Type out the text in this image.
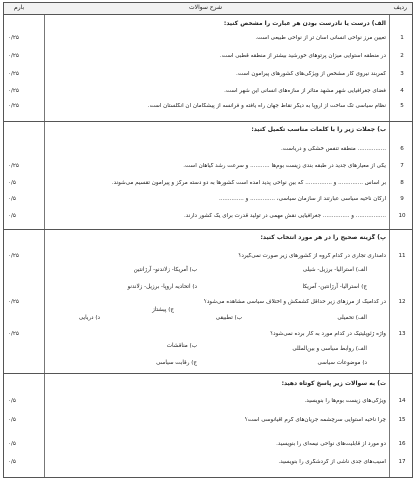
ردیف
شرح سوالات
بارم
الف) درست یا نادرست بودن هر عبارت را مشخص کنید:
1
تعیین مرز نواحی انسانی آسان تر از نواحی طبیعی است.
۰/۲۵
2
در منطقه استوایی میزان پرتوهای خورشید بیشتر از منطقه قطبی است.
۰/۲۵
3
کمربند نیروی کار مشخص از ویژگی‌های کشورهای پیرامون است.
۰/۲۵
4
فضای جغرافیایی شهر مشهد متأثر از سازه‌های انسانی این شهر است.
۰/۲۵
5
نظام سیاسی تک ساخت از اروپا به دیگر نقاط جهان راه یافته و فرانسه از پیشگامان آن انگلستان است.
۰/۲۵
ب) جملات زیر را با کلمات مناسب تکمیل کنید:
6
................ منطقه تنفس خشکی و دریاست.
7
یکی از معیارهای جدید در طبقه بندی زیست بوم‌ها ........... و سرعت رشد گیاهان است.
۰/۲۵
8
بر اساس .............. و ............... که بین نواحی پدید آمده است کشورها به دو دسته مرکز و پیرامون تقسیم می‌شوند.
۰/۵
9
ارکان ناحیه سیاسی عبارتند از سازمان سیاسی، .............. و ..............
۰/۵
10
................. و ............... جغرافیایی نقش مهمی در تولید قدرت برای یک کشور دارند.
۰/۵
پ) گزینه صحیح را در هر مورد انتخاب کنید:
11
دامداری تجاری در کدام گروه از کشورهای زیر صورت نمی‌گیرد؟
۰/۲۵
الف) استرالیا- برزیل- شیلی
ب) آمریکا- زلاندنو- آرژانتین
ج) استرالیا- آرژانتین- آمریکا
د) اتحادیه اروپا- برزیل- زلاندنو
12
در کدامیک از مرزهای زیر حداقل کشمکش و اختلاف سیاسی مشاهده می‌شود؟
۰/۲۵
الف) تحمیلی
ب) تطبیقی
ج) پیشتاز
د) دریایی
13
واژه ژئوپلیتیک در کدام مورد به کار برده نمی‌شود؟
۰/۲۵
الف) روابط سیاسی و بین‌المللی
ب) مناقشات
ج) رقابت سیاسی	د) موضوعات سیاسی
ت) به سوالات زیر پاسخ کوتاه دهید:
14
ویژگی‌های زیست بوم‌ها را بنویسید.
۰/۵
15
چرا ناحیه استوایی سرچشمه جریان‌های گرم اقیانوسی است؟
۰/۵
16
دو مورد از قابلیت‌های نواحی نیمه‌ای را بنویسید.
۰/۵
17
آسیب‌های جدی ناشی از گردشگری را بنویسید.
۰/۵
